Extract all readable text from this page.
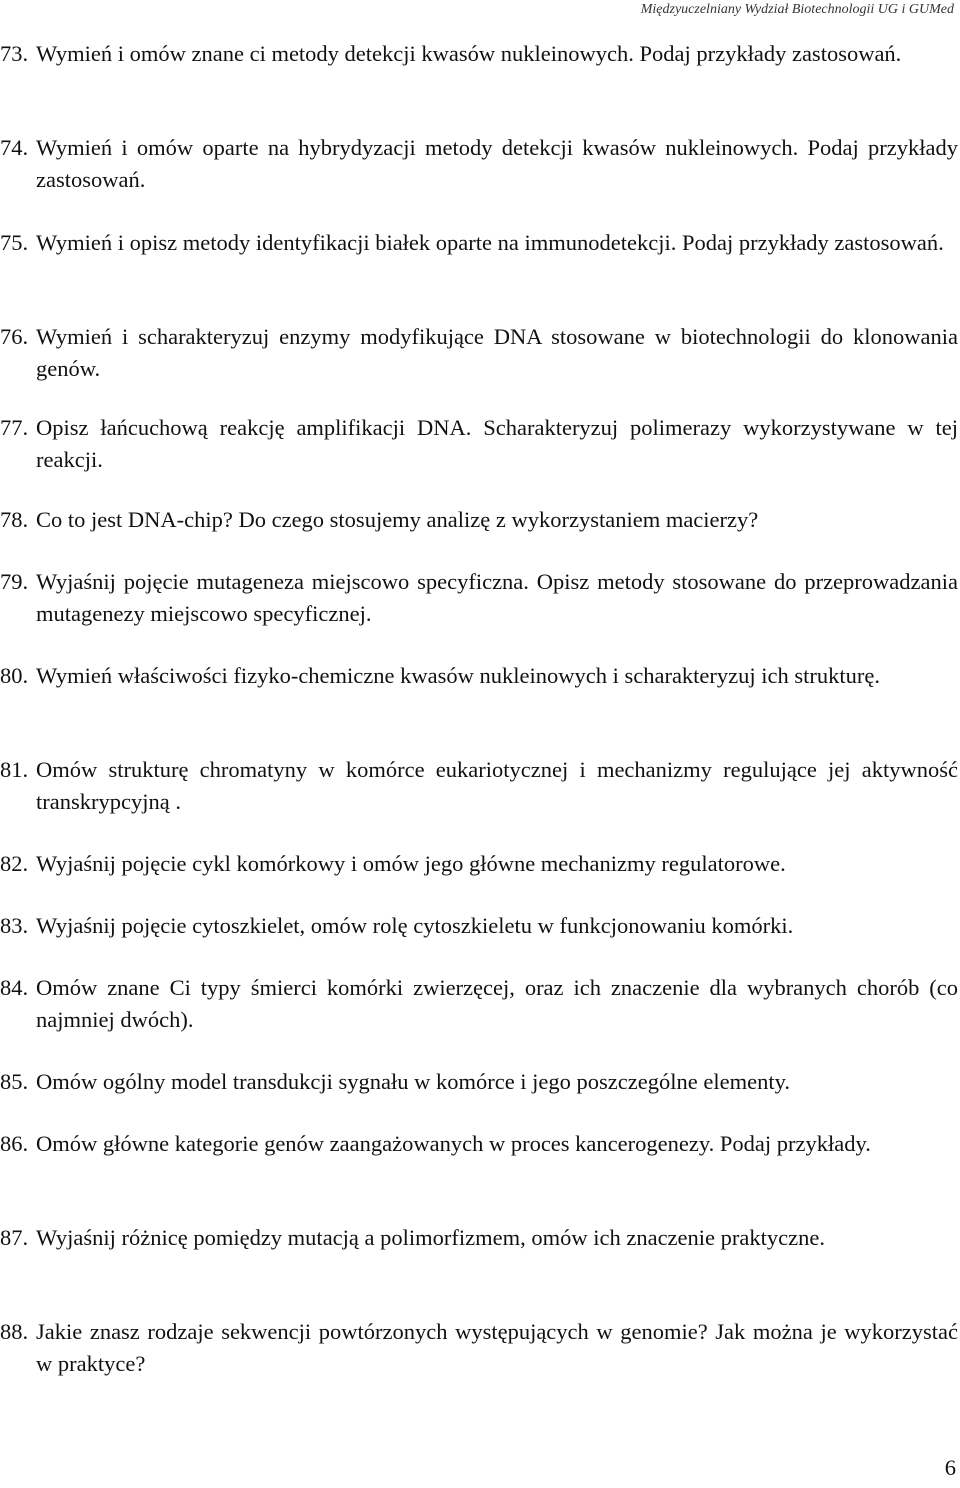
Międzyuczelniany Wydział Biotechnologii UG i GUMed
73. Wymień i omów znane ci metody detekcji kwasów nukleinowych. Podaj przykłady zastosowań.
74. Wymień i omów oparte na hybrydyzacji metody detekcji kwasów nukleinowych. Podaj przykłady zastosowań.
75. Wymień i opisz metody identyfikacji białek oparte na immunodetekcji. Podaj przykłady zastosowań.
76. Wymień i scharakteryzuj enzymy modyfikujące DNA stosowane w biotechnologii do klonowania genów.
77. Opisz łańcuchową reakcję amplifikacji DNA. Scharakteryzuj polimerazy wykorzystywane w tej reakcji.
78. Co to jest DNA-chip? Do czego stosujemy analizę z wykorzystaniem macierzy?
79. Wyjaśnij pojęcie mutageneza miejscowo specyficzna. Opisz metody stosowane do przeprowadzania mutagenezy miejscowo specyficznej.
80. Wymień właściwości fizyko-chemiczne kwasów nukleinowych i scharakteryzuj ich strukturę.
81. Omów strukturę chromatyny w komórce eukariotycznej i mechanizmy regulujące jej aktywność transkrypcyjną .
82. Wyjaśnij pojęcie cykl komórkowy i omów jego główne mechanizmy regulatorowe.
83. Wyjaśnij pojęcie cytoszkielet, omów rolę cytoszkieletu w funkcjonowaniu komórki.
84. Omów znane Ci typy śmierci komórki zwierzęcej, oraz ich znaczenie dla wybranych chorób (co najmniej dwóch).
85. Omów ogólny model transdukcji sygnału w komórce i jego poszczególne elementy.
86. Omów główne kategorie genów zaangażowanych w proces kancerogenezy. Podaj przykłady.
87. Wyjaśnij różnicę pomiędzy mutacją a polimorfizmem, omów ich znaczenie praktyczne.
88. Jakie znasz rodzaje sekwencji powtórzonych występujących w genomie? Jak można je wykorzystać w praktyce?
6
